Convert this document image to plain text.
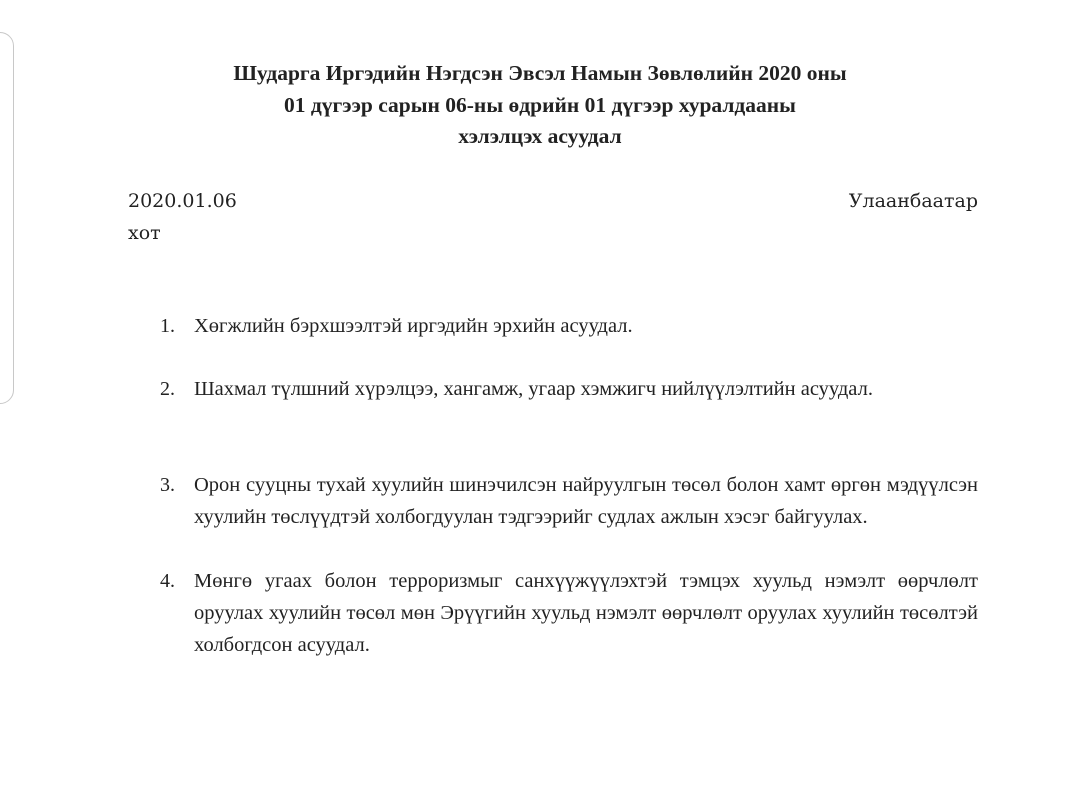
Шударга Иргэдийн Нэгдсэн Эвсэл Намын Зөвлөлийн 2020 оны
01 дүгээр сарын 06-ны өдрийн 01 дүгээр хуралдааны
хэлэлцэх асуудал
2020.01.06	Улаанбаатар
хот
1. Хөгжлийн бэрхшээлтэй иргэдийн эрхийн асуудал.
2. Шахмал түлшний хүрэлцээ, хангамж, угаар хэмжигч нийлүүлэлтийн асуудал.
3. Орон сууцны тухай хуулийн шинэчилсэн найруулгын төсөл болон хамт өргөн мэдүүлсэн хуулийн төслүүдтэй холбогдуулан тэдгээрийг судлах ажлын хэсэг байгуулах.
4. Мөнгө угаах болон терроризмыг санхүүжүүлэхтэй тэмцэх хуульд нэмэлт өөрчлөлт оруулах хуулийн төсөл мөн Эрүүгийн хуульд нэмэлт өөрчлөлт оруулах хуулийн төсөлтэй холбогдсон асуудал.
